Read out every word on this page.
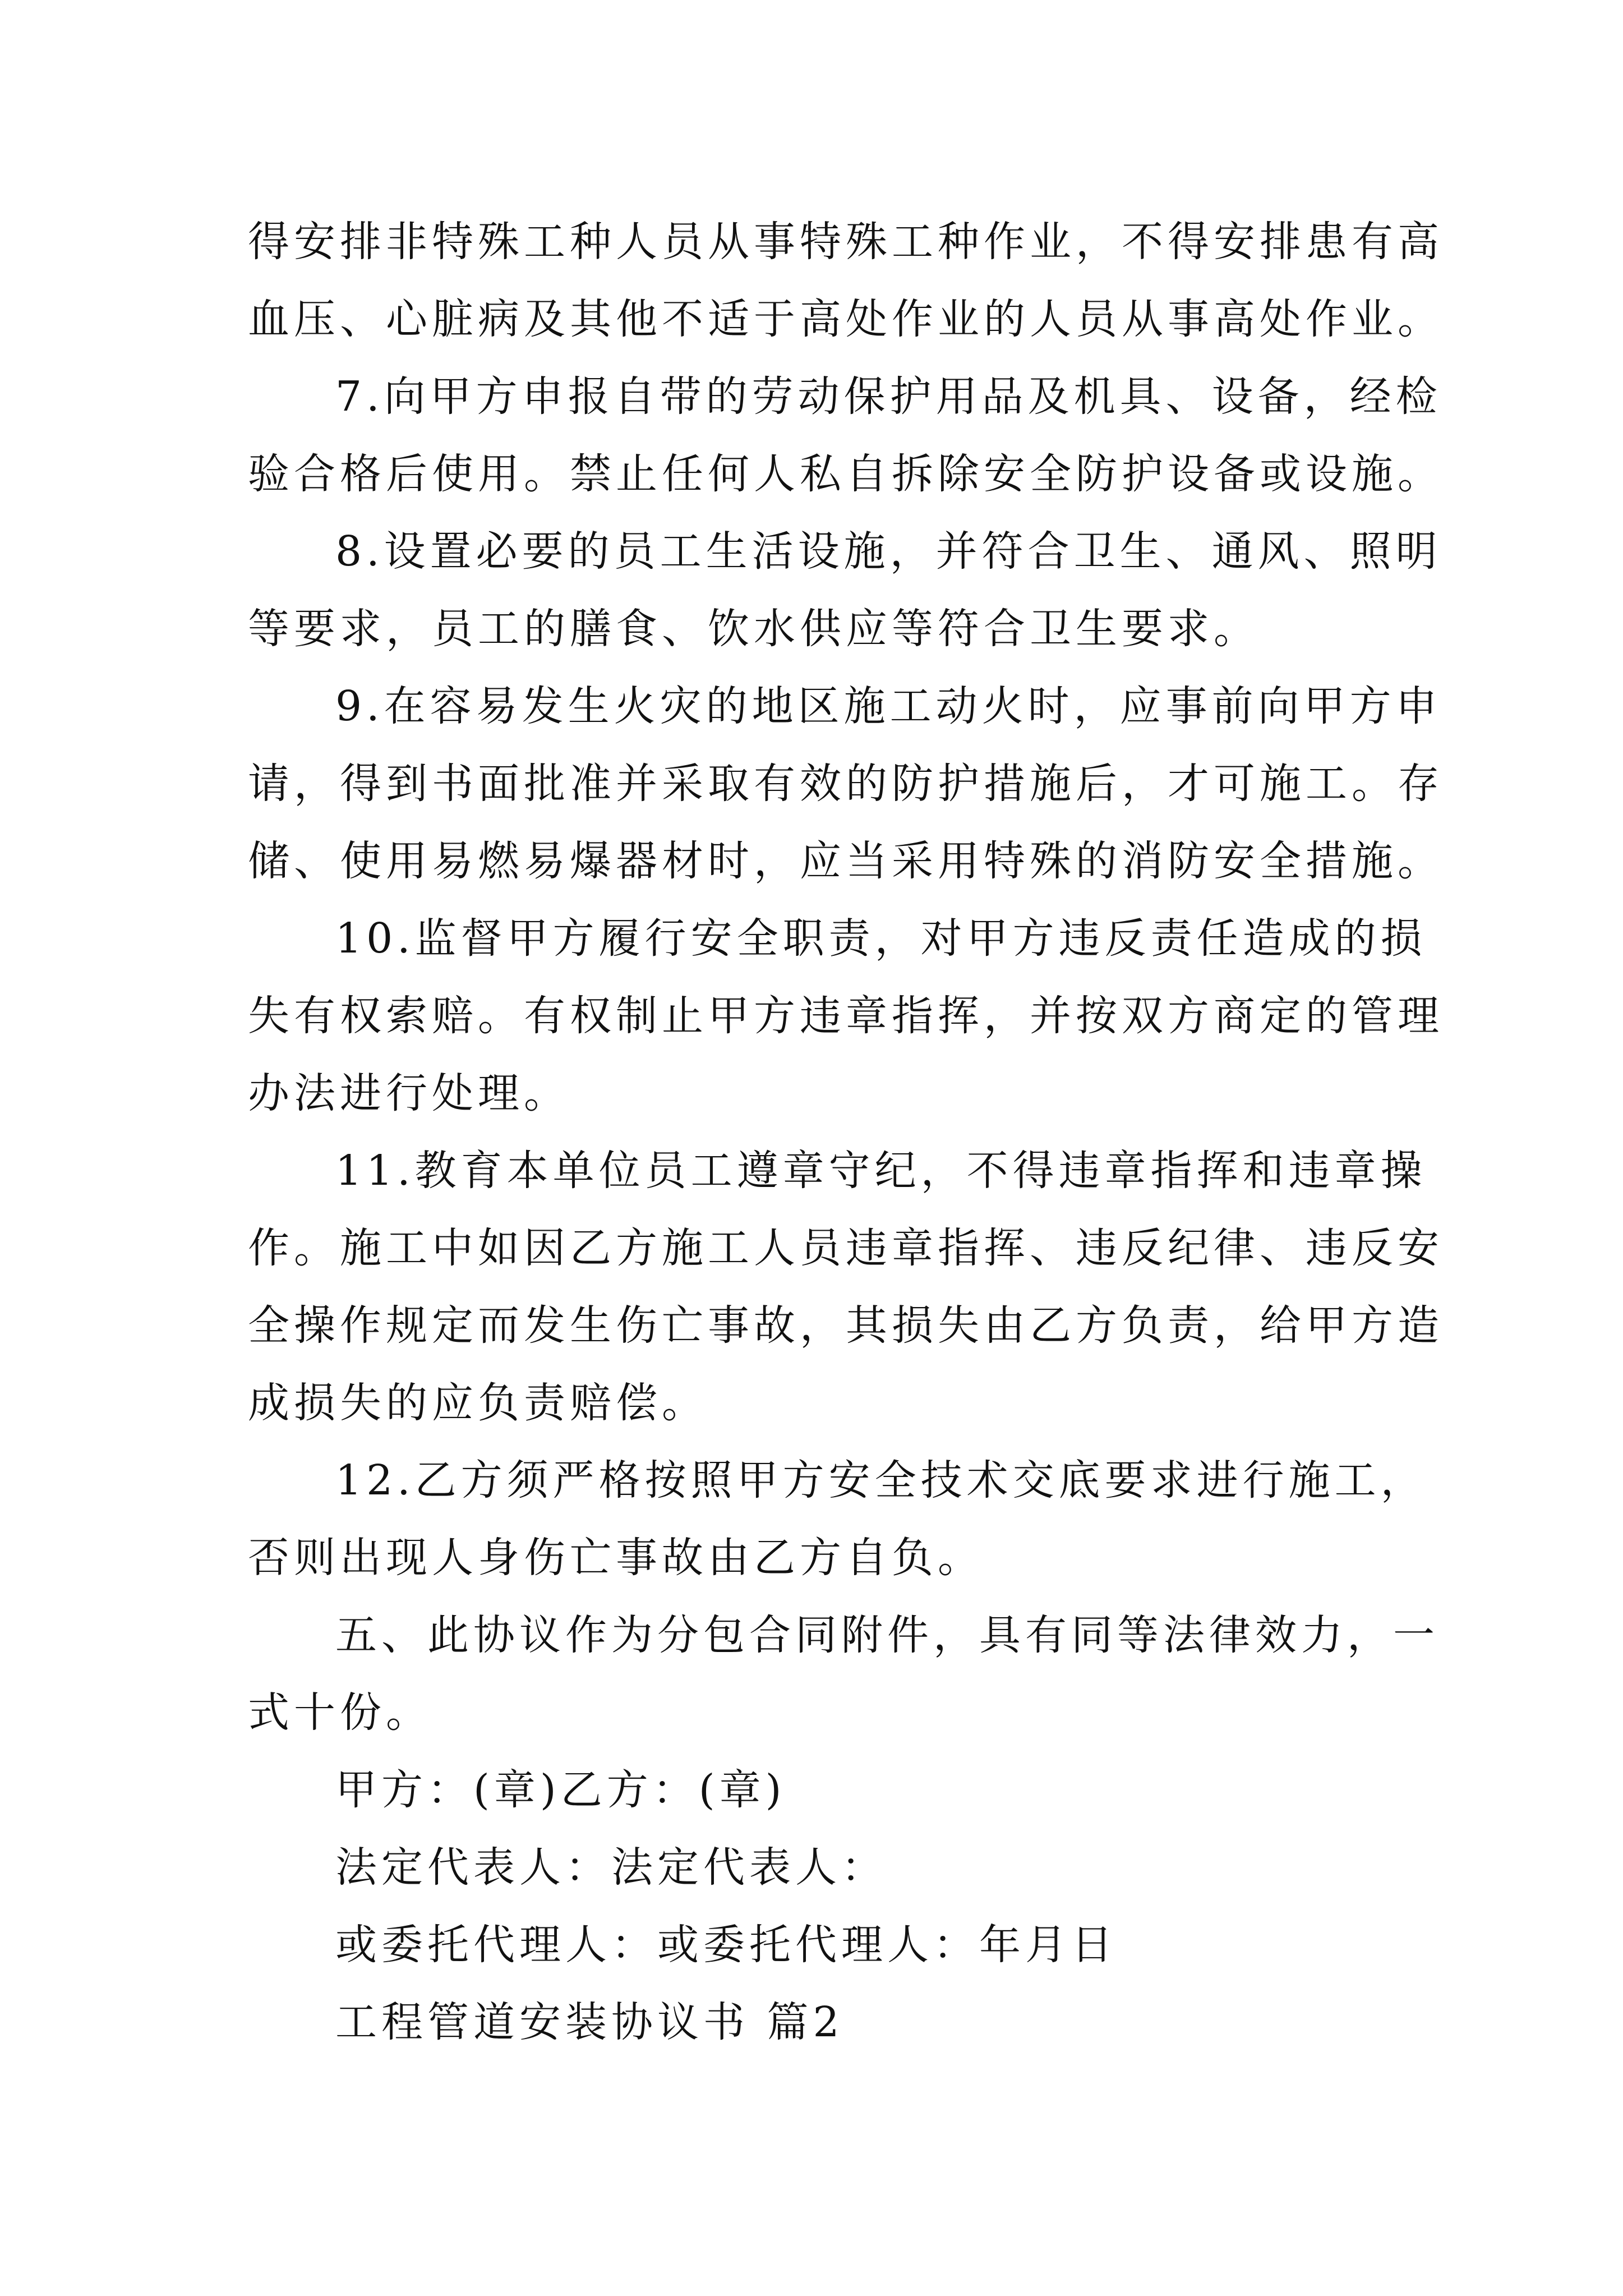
得安排非特殊工种人员从事特殊工种作业，不得安排患有高

血压、心脏病及其他不适于高处作业的人员从事高处作业。

7.向甲方申报自带的劳动保护用品及机具、设备，经检

验合格后使用。禁止任何人私自拆除安全防护设备或设施。

8.设置必要的员工生活设施，并符合卫生、通风、照明

等要求，员工的膳食、饮水供应等符合卫生要求。

9.在容易发生火灾的地区施工动火时，应事前向甲方申

请，得到书面批准并采取有效的防护措施后，才可施工。存

储、使用易燃易爆器材时，应当采用特殊的消防安全措施。

10.监督甲方履行安全职责，对甲方违反责任造成的损

失有权索赔。有权制止甲方违章指挥，并按双方商定的管理

办法进行处理。

11.教育本单位员工遵章守纪，不得违章指挥和违章操

作。施工中如因乙方施工人员违章指挥、违反纪律、违反安

全操作规定而发生伤亡事故，其损失由乙方负责，给甲方造

成损失的应负责赔偿。

12.乙方须严格按照甲方安全技术交底要求进行施工，

否则出现人身伤亡事故由乙方自负。

五、此协议作为分包合同附件，具有同等法律效力，一

式十份。

甲方：(章)乙方：(章)

法定代表人：法定代表人：

或委托代理人：或委托代理人：年月日

工程管道安装协议书 篇2
